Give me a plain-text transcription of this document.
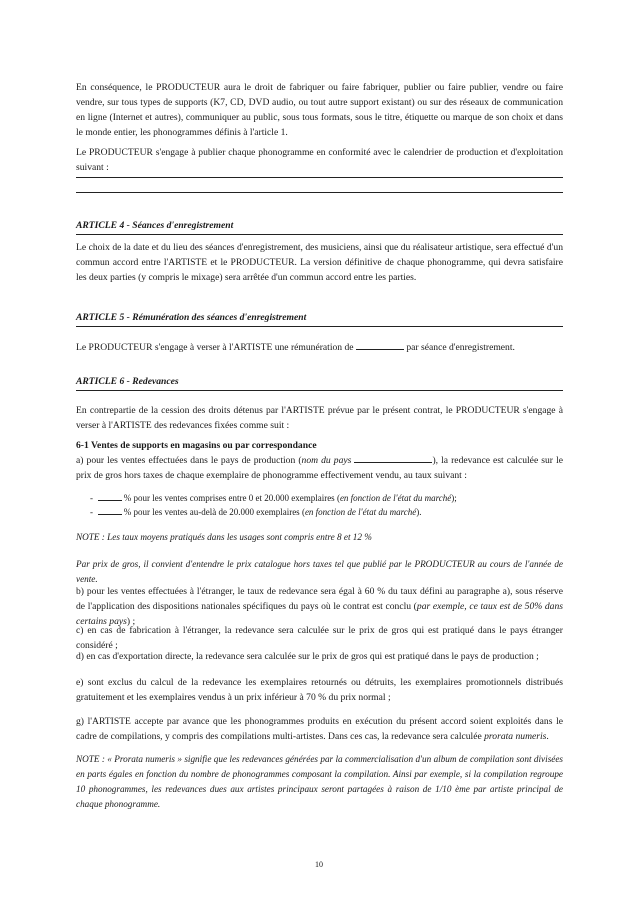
En conséquence, le PRODUCTEUR aura le droit de fabriquer ou faire fabriquer, publier ou faire publier, vendre ou faire vendre, sur tous types de supports (K7, CD, DVD audio, ou tout autre support existant) ou sur des réseaux de communication en ligne (Internet et autres), communiquer au public, sous tous formats, sous le titre, étiquette ou marque de son choix et dans le monde entier, les phonogrammes définis à l'article 1.

Le PRODUCTEUR s'engage à publier chaque phonogramme en conformité avec le calendrier de production et d'exploitation suivant :

ARTICLE 4 - Séances d'enregistrement

Le choix de la date et du lieu des séances d'enregistrement, des musiciens, ainsi que du réalisateur artistique, sera effectué d'un commun accord entre l'ARTISTE et le PRODUCTEUR. La version définitive de chaque phonogramme, qui devra satisfaire les deux parties (y compris le mixage) sera arrêtée d'un commun accord entre les parties.

ARTICLE 5 - Rémunération des séances d'enregistrement

Le PRODUCTEUR s'engage à verser à l'ARTISTE une rémunération de	par séance d'enregistrement.

ARTICLE 6 - Redevances

En contrepartie de la cession des droits détenus par l'ARTISTE prévue par le présent contrat, le PRODUCTEUR s'engage à verser à l'ARTISTE des redevances fixées comme suit :

6-1 Ventes de supports en magasins ou par correspondance

a) pour les ventes effectuées dans le pays de production (nom du pays	), la redevance est calculée sur le prix de gros hors taxes de chaque exemplaire de phonogramme effectivement vendu, au taux suivant :

-	% pour les ventes comprises entre 0 et 20.000 exemplaires (en fonction de l'état du marché);

-	% pour les ventes au-delà de 20.000 exemplaires (en fonction de l'état du marché).

NOTE : Les taux moyens pratiqués dans les usages sont compris entre 8 et 12 %

Par prix de gros, il convient d'entendre le prix catalogue hors taxes tel que publié par le PRODUCTEUR au cours de l'année de vente.

b) pour les ventes effectuées à l'étranger, le taux de redevance sera égal à 60 % du taux défini au paragraphe a), sous réserve de l'application des dispositions nationales spécifiques du pays où le contrat est conclu (par exemple, ce taux est de 50% dans certains pays) ;

c) en cas de fabrication à l'étranger, la redevance sera calculée sur le prix de gros qui est pratiqué dans le pays étranger considéré ;

d) en cas d'exportation directe, la redevance sera calculée sur le prix de gros qui est pratiqué dans le pays de production ;

e) sont exclus du calcul de la redevance les exemplaires retournés ou détruits, les exemplaires promotionnels distribués gratuitement et les exemplaires vendus à un prix inférieur à 70 % du prix normal ;

g) l'ARTISTE accepte par avance que les phonogrammes produits en exécution du présent accord soient exploités dans le cadre de compilations, y compris des compilations multi-artistes. Dans ces cas, la redevance sera calculée prorata numeris.

NOTE : « Prorata numeris » signifie que les redevances générées par la commercialisation d'un album de compilation sont divisées en parts égales en fonction du nombre de phonogrammes composant la compilation. Ainsi par exemple, si la compilation regroupe 10 phonogrammes, les redevances dues aux artistes principaux seront partagées à raison de 1/10 ème par artiste principal de chaque phonogramme.

10
